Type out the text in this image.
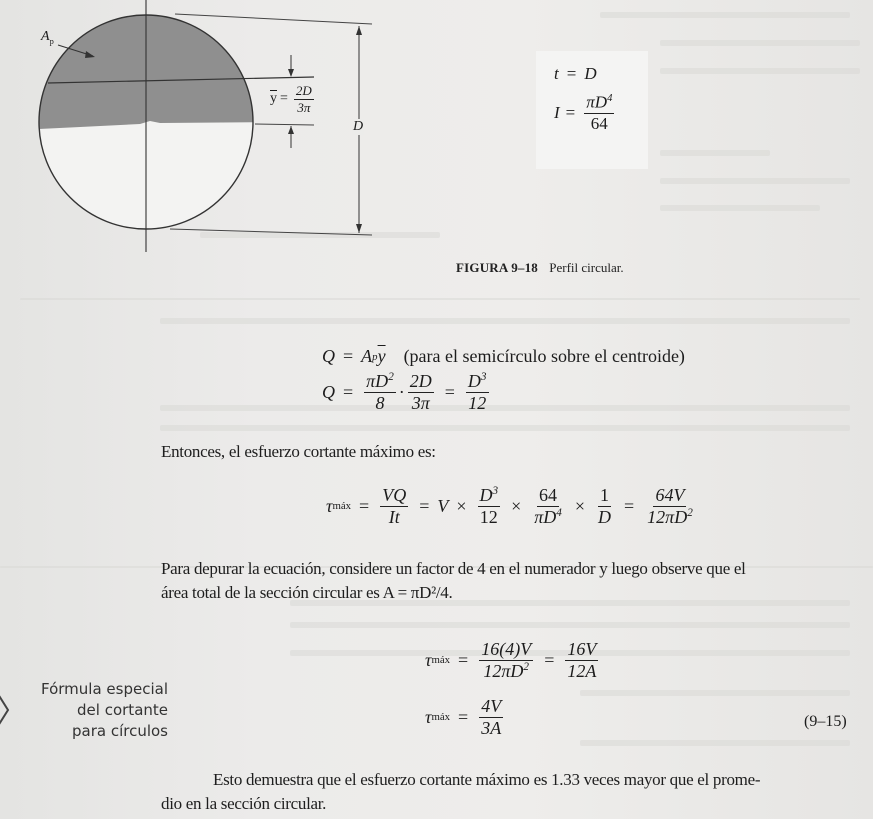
$A_p$
$\overline{y} = \frac{2D}{3\pi}$
D
t = D
$I = \frac{\pi D^4}{64}$
FIGURA 9–18 Perfil circular.
Q = A p $\overline{y}$ (para el semicírculo sobre el centroide)
$Q = \frac{\pi D^2}{8} \cdot \frac{2D}{3\pi} = \frac{D^3}{12}$
Entonces, el esfuerzo cortante máximo es:
τ máx = $\frac{VQ}{It} = V \times \frac{D^3}{12} \times \frac{64}{\pi D^4} \times \frac{1}{D} = \frac{64V}{12\pi D^2}$
Para depurar la ecuación, considere un factor de 4 en el numerador y luego observe que el
área total de la sección circular es A = πD²/4.
τ máx = $\frac{16(4)V}{12\pi D^2} = \frac{16V}{12A}$
τ máx = $\frac{4V}{3A}$	(9–15)
Fórmula especial
del cortante
para círculos
Esto demuestra que el esfuerzo cortante máximo es 1.33 veces mayor que el prome-
dio en la sección circular.
